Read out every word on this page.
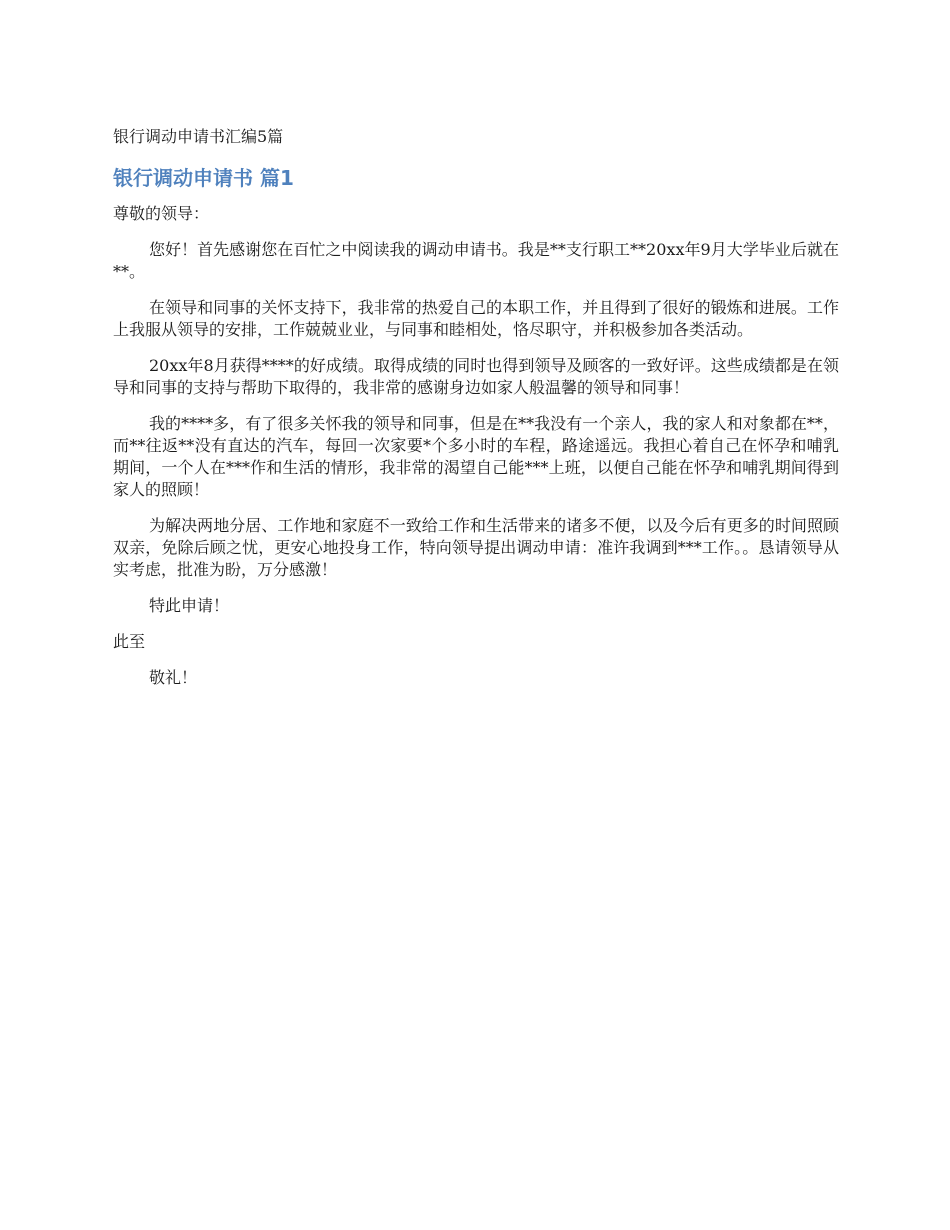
银行调动申请书汇编5篇
银行调动申请书 篇1

尊敬的领导：

您好！首先感谢您在百忙之中阅读我的调动申请书。我是**支行职工**20xx年9月大学毕业后就在**。

在领导和同事的关怀支持下，我非常的热爱自己的本职工作，并且得到了很好的锻炼和进展。工作上我服从领导的安排，工作兢兢业业，与同事和睦相处，恪尽职守，并积极参加各类活动。

20xx年8月获得****的好成绩。取得成绩的同时也得到领导及顾客的一致好评。这些成绩都是在领导和同事的支持与帮助下取得的，我非常的感谢身边如家人般温馨的领导和同事！

我的****多，有了很多关怀我的领导和同事，但是在**我没有一个亲人，我的家人和对象都在**，而**往返**没有直达的汽车，每回一次家要*个多小时的车程，路途遥远。我担心着自己在怀孕和哺乳期间，一个人在***作和生活的情形，我非常的渴望自己能***上班，以便自己能在怀孕和哺乳期间得到家人的照顾！

为解决两地分居、工作地和家庭不一致给工作和生活带来的诸多不便，以及今后有更多的时间照顾双亲，免除后顾之忧，更安心地投身工作，特向领导提出调动申请：准许我调到***工作。。恳请领导从实考虑，批准为盼，万分感激！

特此申请！

此至

敬礼！
